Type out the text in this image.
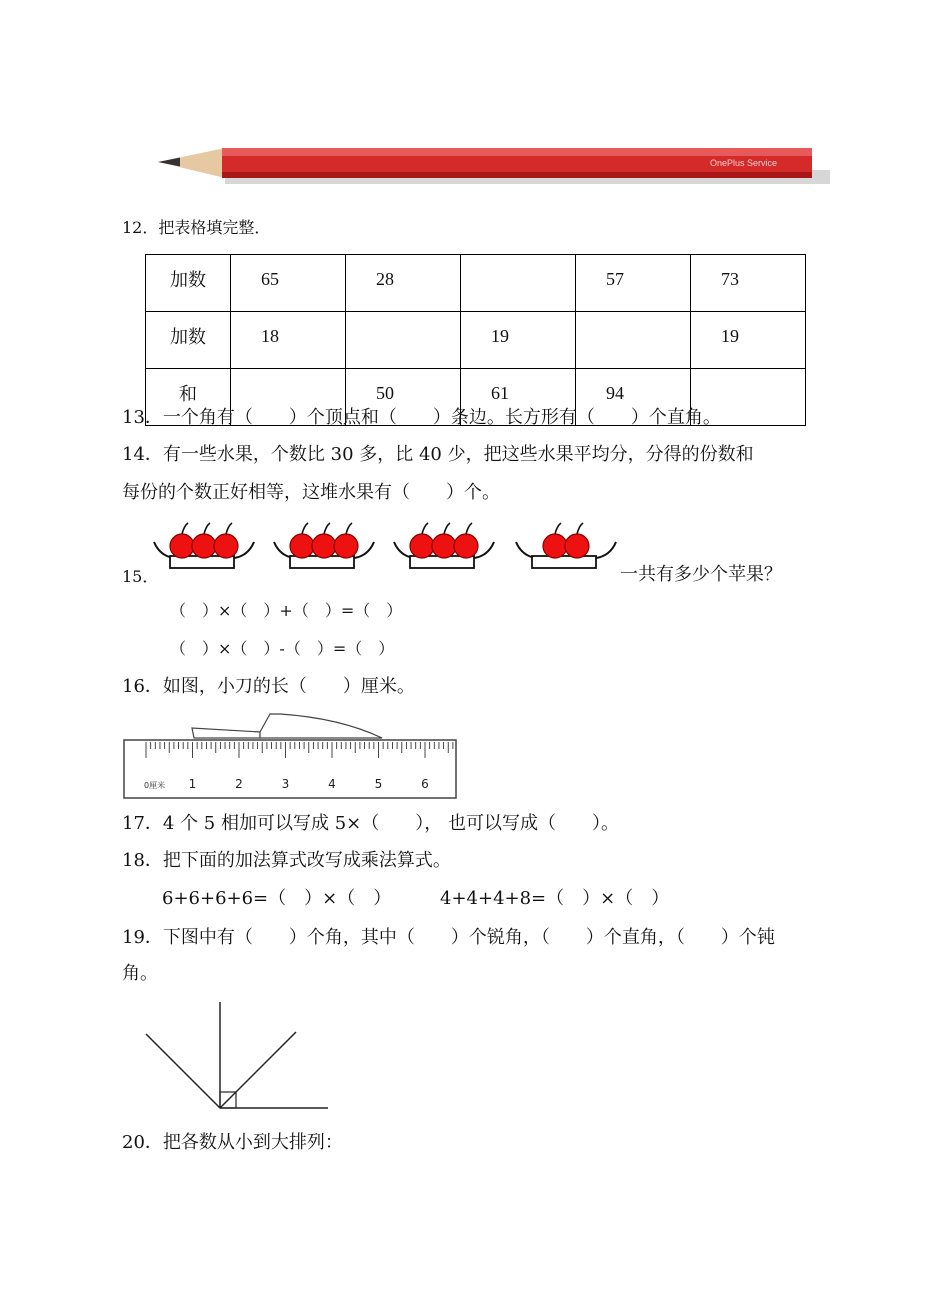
OnePlus Service
12．把表格填完整．
加数	65	28		57	73
加数	18		19		19
和		50	61	94	
13．一个角有（　　）个顶点和（　　）条边。长方形有（　　）个直角。
14．有一些水果，个数比 30 多，比 40 少，把这些水果平均分，分得的份数和
每份的个数正好相等，这堆水果有（　　）个。
15．	一共有多少个苹果？
（　）×（　）+（　）=（　）
（　）×（　）-（　）=（　）
16．如图，小刀的长（　　）厘米。
0厘米 1	2	3	4	5	6
17．4 个 5 相加可以写成 5×（　　）， 也可以写成（　　）。
18．把下面的加法算式改写成乘法算式。
6+6+6+6=（　）×（　）	4+4+4+8=（　）×（　）
19．下图中有（　　）个角，其中（　　）个锐角，（　　）个直角，（　　）个钝
角。
20．把各数从小到大排列：
